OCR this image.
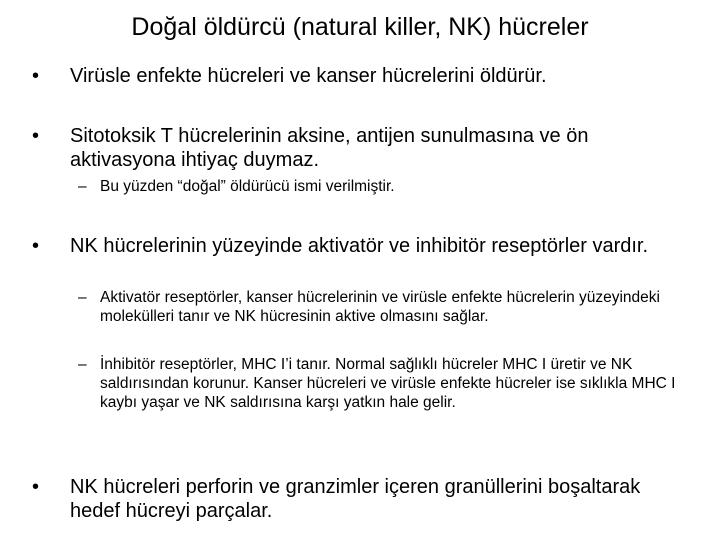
Doğal öldürcü (natural killer, NK) hücreler
•	Virüsle enfekte hücreleri ve kanser hücrelerini öldürür.
•	Sitotoksik T hücrelerinin aksine, antijen sunulmasına ve ön aktivasyona ihtiyaç duymaz.
– Bu yüzden “doğal” öldürücü ismi verilmiştir.
•	NK hücrelerinin yüzeyinde aktivatör ve inhibitör reseptörler vardır.
– Aktivatör reseptörler, kanser hücrelerinin ve virüsle enfekte hücrelerin yüzeyindeki molekülleri tanır ve NK hücresinin aktive olmasını sağlar.
– İnhibitör reseptörler, MHC I’i tanır. Normal sağlıklı hücreler MHC I üretir ve NK saldırısından korunur. Kanser hücreleri ve virüsle enfekte hücreler ise sıklıkla MHC I kaybı yaşar ve NK saldırısına karşı yatkın hale gelir.
•	NK hücreleri perforin ve granzimler içeren granüllerini boşaltarak hedef hücreyi parçalar.
